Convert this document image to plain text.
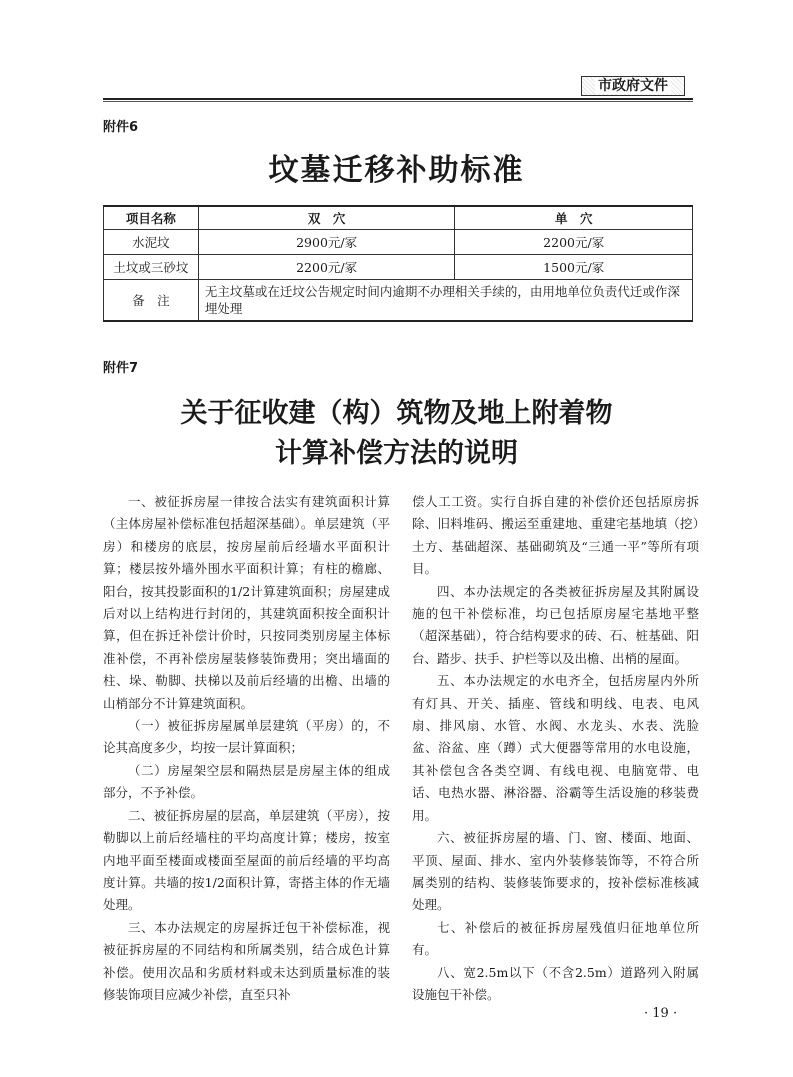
市政府文件
附件6
坟墓迁移补助标准
项目名称	双　穴	单　穴
水泥坟	2900元/冢	2200元/冢
土坟或三砂坟	2200元/冢	1500元/冢
备　注	无主坟墓或在迁坟公告规定时间内逾期不办理相关手续的，由用地单位负责代迁或作深埋处理	
附件7
关于征收建（构）筑物及地上附着物
计算补偿方法的说明

一、被征拆房屋一律按合法实有建筑面积计算（主体房屋补偿标准包括超深基础）。单层建筑（平房）和楼房的底层，按房屋前后经墙水平面积计算；楼层按外墙外围水平面积计算；有柱的檐廊、阳台，按其投影面积的1/2计算建筑面积；房屋建成后对以上结构进行封闭的，其建筑面积按全面积计算，但在拆迁补偿计价时，只按同类别房屋主体标准补偿，不再补偿房屋装修装饰费用；突出墙面的柱、垛、勒脚、扶梯以及前后经墙的出檐、出墙的山梢部分不计算建筑面积。

（一）被征拆房屋属单层建筑（平房）的，不论其高度多少，均按一层计算面积；

（二）房屋架空层和隔热层是房屋主体的组成部分，不予补偿。

二、被征拆房屋的层高，单层建筑（平房），按勒脚以上前后经墙柱的平均高度计算；楼房，按室内地平面至楼面或楼面至屋面的前后经墙的平均高度计算。共墙的按1/2面积计算，寄搭主体的作无墙处理。

三、本办法规定的房屋拆迁包干补偿标准，视被征拆房屋的不同结构和所属类别，结合成色计算补偿。使用次品和劣质材料或未达到质量标准的装修装饰项目应减少补偿，直至只补

偿人工工资。实行自拆自建的补偿价还包括原房拆除、旧料堆码、搬运至重建地、重建宅基地填（挖）土方、基础超深、基础砌筑及“三通一平”等所有项目。

四、本办法规定的各类被征拆房屋及其附属设施的包干补偿标准，均已包括原房屋宅基地平整（超深基础），符合结构要求的砖、石、桩基础、阳台、踏步、扶手、护栏等以及出檐、出梢的屋面。

五、本办法规定的水电齐全，包括房屋内外所有灯具、开关、插座、管线和明线、电表、电风扇、排风扇、水管、水阀、水龙头、水表、洗脸盆、浴盆、座（蹲）式大便器等常用的水电设施，其补偿包含各类空调、有线电视、电脑宽带、电话、电热水器、淋浴器、浴霸等生活设施的移装费用。

六、被征拆房屋的墙、门、窗、楼面、地面、平顶、屋面、排水、室内外装修装饰等，不符合所属类别的结构、装修装饰要求的，按补偿标准核减处理。

七、补偿后的被征拆房屋残值归征地单位所有。

八、宽2.5m以下（不含2.5m）道路列入附属设施包干补偿。

· 19 ·
